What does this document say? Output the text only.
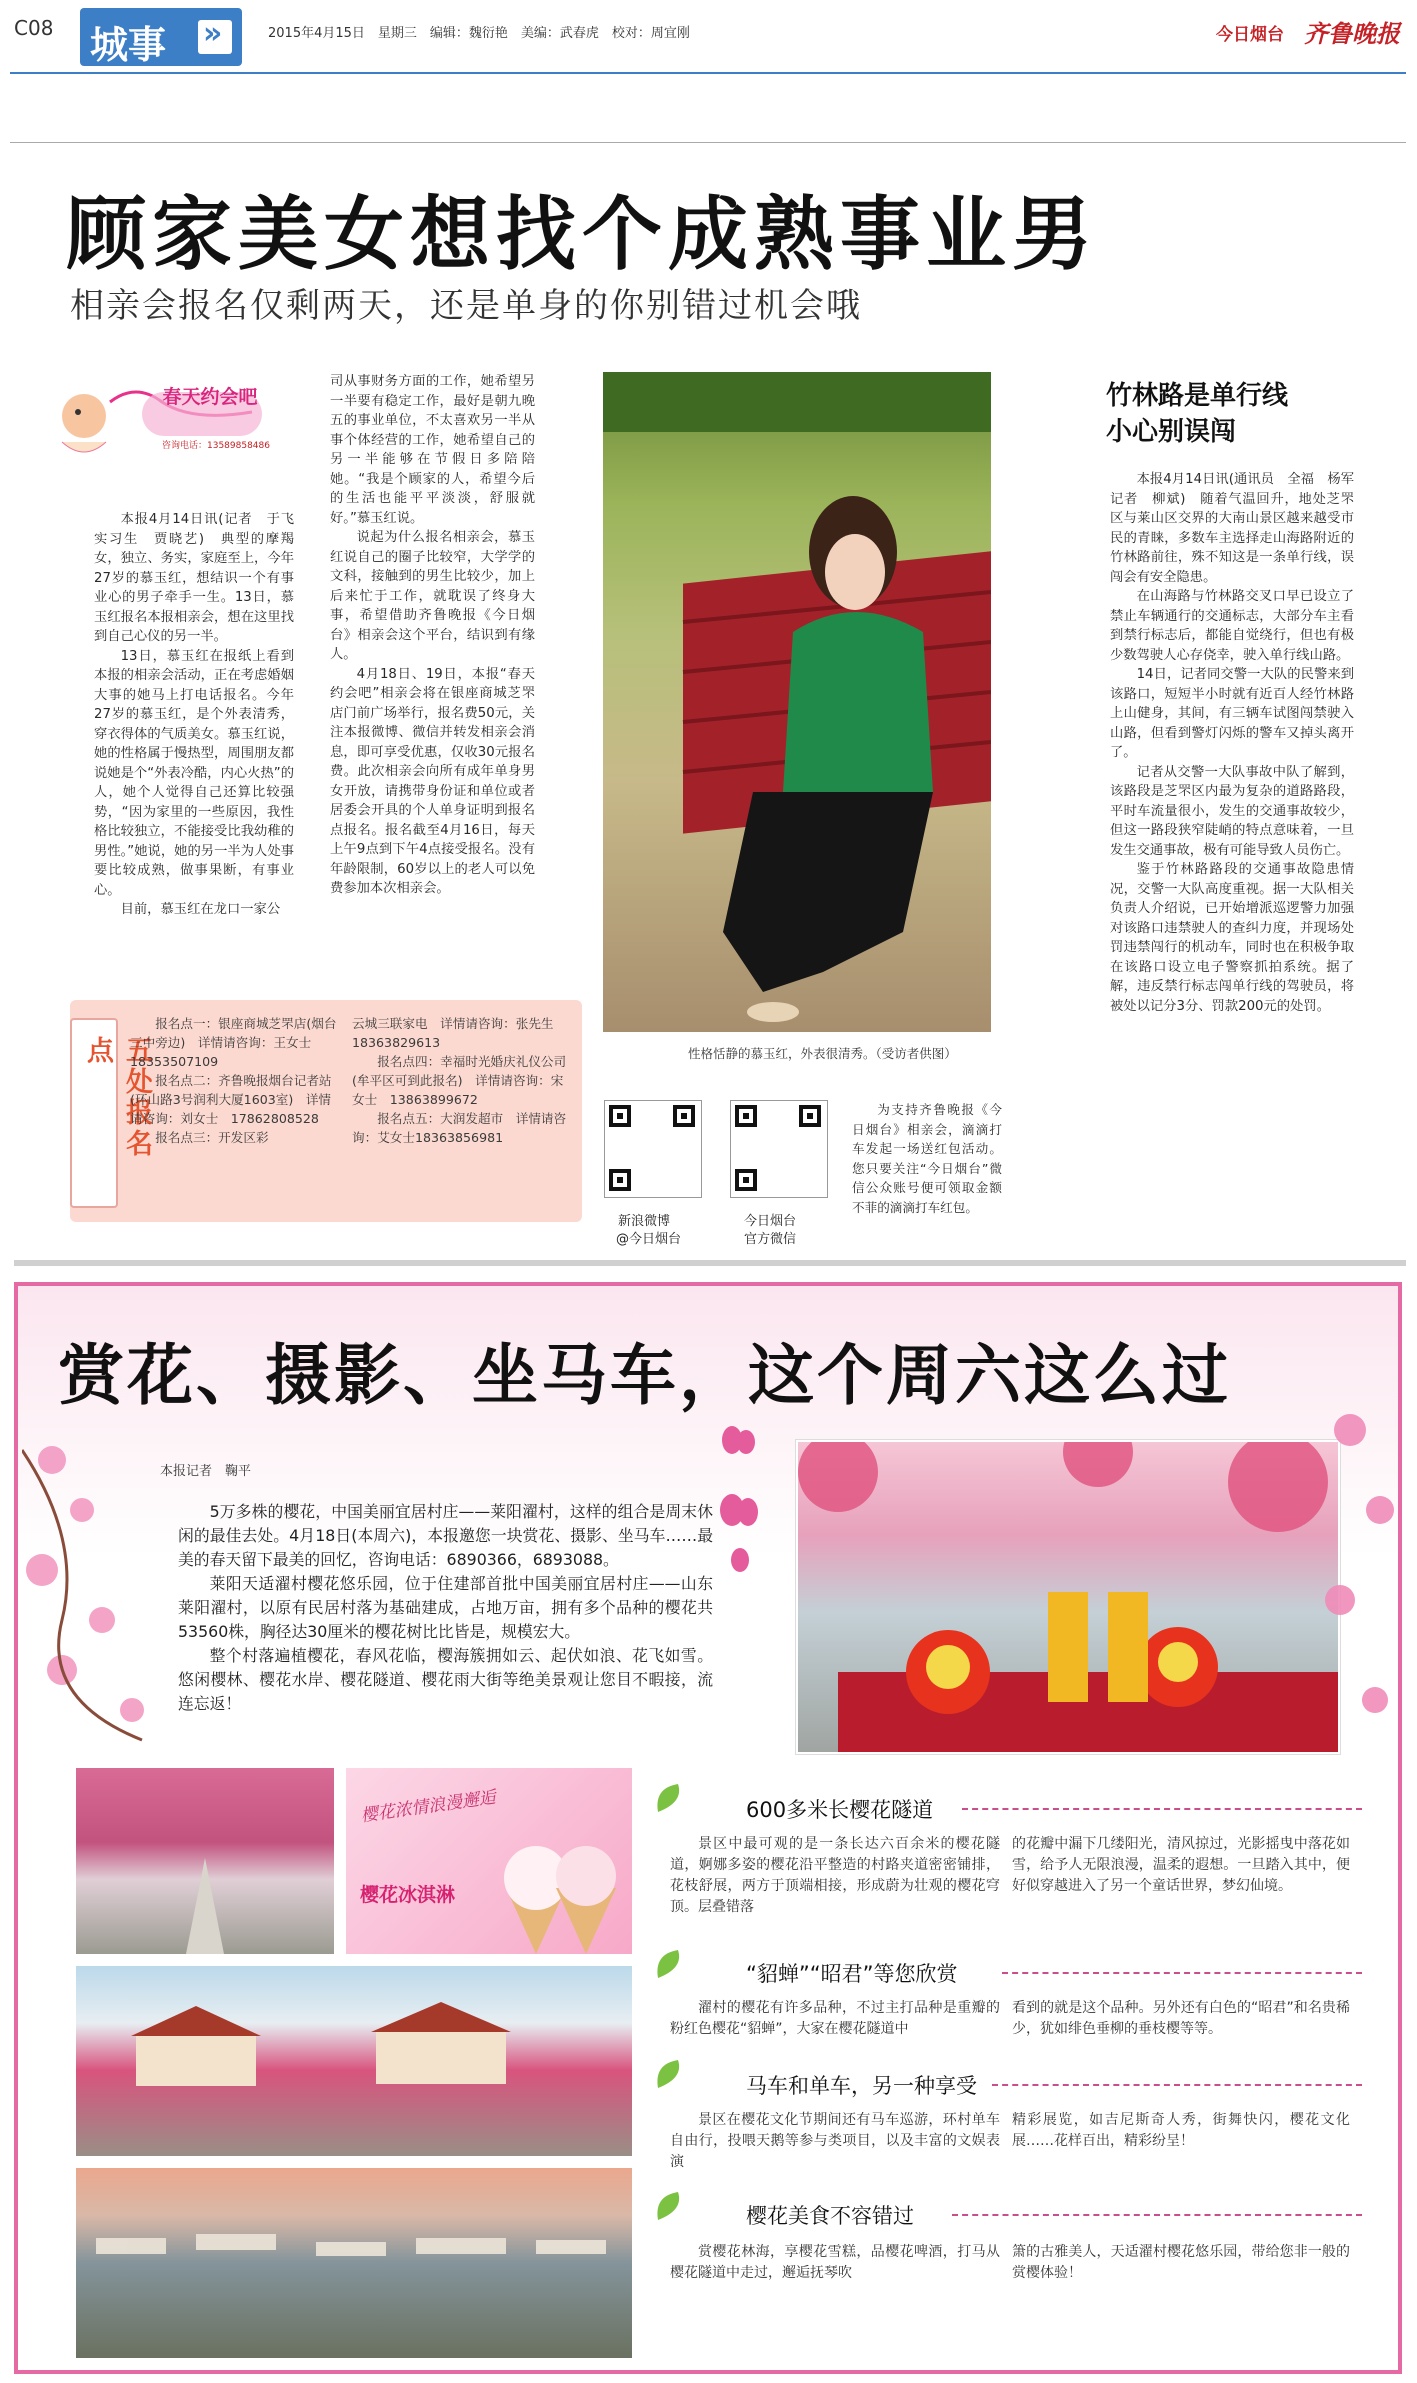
C08 城事 »	2015年4月15日　星期三　编辑：魏衍艳　美编：武春虎　校对：周宜刚	今日烟台 齐鲁晚报
顾家美女想找个成熟事业男
相亲会报名仅剩两天，还是单身的你别错过机会哦
春天约会吧
咨询电话：13589858486

本报4月14日讯(记者　于飞　实习生　贾晓艺)　典型的摩羯女，独立、务实，家庭至上，今年27岁的慕玉红，想结识一个有事业心的男子牵手一生。13日，慕玉红报名本报相亲会，想在这里找到自己心仪的另一半。

13日，慕玉红在报纸上看到本报的相亲会活动，正在考虑婚姻大事的她马上打电话报名。今年27岁的慕玉红，是个外表清秀，穿衣得体的气质美女。慕玉红说，她的性格属于慢热型，周围朋友都说她是个“外表冷酷，内心火热”的人，她个人觉得自己还算比较强势，“因为家里的一些原因，我性格比较独立，不能接受比我幼稚的男性。”她说，她的另一半为人处事要比较成熟，做事果断，有事业心。

目前，慕玉红在龙口一家公

司从事财务方面的工作，她希望另一半要有稳定工作，最好是朝九晚五的事业单位，不太喜欢另一半从事个体经营的工作，她希望自己的另一半能够在节假日多陪陪她。“我是个顾家的人，希望今后的生活也能平平淡淡，舒服就好。”慕玉红说。

说起为什么报名相亲会，慕玉红说自己的圈子比较窄，大学学的文科，接触到的男生比较少，加上后来忙于工作，就耽误了终身大事，希望借助齐鲁晚报《今日烟台》相亲会这个平台，结识到有缘人。

4月18日、19日，本报“春天约会吧”相亲会将在银座商城芝罘店门前广场举行，报名费50元，关注本报微博、微信并转发相亲会消息，即可享受优惠，仅收30元报名费。此次相亲会向所有成年单身男女开放，请携带身份证和单位或者居委会开具的个人单身证明到报名点报名。报名截至4月16日，每天上午9点到下午4点接受报名。没有年龄限制，60岁以上的老人可以免费参加本次相亲会。

性格恬静的慕玉红，外表很清秀。（受访者供图）
五处报名点
报名点一：银座商城芝罘店(烟台三中旁边)　详情请咨询：王女士18353507109
报名点二：齐鲁晚报烟台记者站(环山路3号润利大厦1603室)　详情请咨询：刘女士　17862808528
报名点三：开发区彩
云城三联家电　详情请咨询：张先生　18363829613
报名点四：幸福时光婚庆礼仪公司(牟平区可到此报名)　详情请咨询：宋女士　13863899672
报名点五：大润发超市　详情请咨询：艾女士18363856981
新浪微博
@今日烟台
今日烟台
官方微信
为支持齐鲁晚报《今日烟台》相亲会，滴滴打车发起一场送红包活动。您只要关注“今日烟台”微信公众账号便可领取金额不菲的滴滴打车红包。
竹林路是单行线
小心别误闯

本报4月14日讯(通讯员　全福　杨军　记者　柳斌)　随着气温回升，地处芝罘区与莱山区交界的大南山景区越来越受市民的青睐，多数车主选择走山海路附近的竹林路前往，殊不知这是一条单行线，误闯会有安全隐患。

在山海路与竹林路交叉口早已设立了禁止车辆通行的交通标志，大部分车主看到禁行标志后，都能自觉绕行，但也有极少数驾驶人心存侥幸，驶入单行线山路。

14日，记者同交警一大队的民警来到该路口，短短半小时就有近百人经竹林路上山健身，其间，有三辆车试图闯禁驶入山路，但看到警灯闪烁的警车又掉头离开了。

记者从交警一大队事故中队了解到，该路段是芝罘区内最为复杂的道路路段，平时车流量很小，发生的交通事故较少，但这一路段狭窄陡峭的特点意味着，一旦发生交通事故，极有可能导致人员伤亡。

鉴于竹林路路段的交通事故隐患情况，交警一大队高度重视。据一大队相关负责人介绍说，已开始增派巡逻警力加强对该路口违禁驶人的查纠力度，并现场处罚违禁闯行的机动车，同时也在积极争取在该路口设立电子警察抓拍系统。据了解，违反禁行标志闯单行线的驾驶员，将被处以记分3分、罚款200元的处罚。

赏花、摄影、坐马车，这个周六这么过
本报记者　鞠平

5万多株的樱花，中国美丽宜居村庄——莱阳濯村，这样的组合是周末休闲的最佳去处。4月18日(本周六)，本报邀您一块赏花、摄影、坐马车……最美的春天留下最美的回忆，咨询电话：6890366，6893088。

莱阳天适濯村樱花悠乐园，位于住建部首批中国美丽宜居村庄——山东莱阳濯村，以原有民居村落为基础建成，占地万亩，拥有多个品种的樱花共53560株，胸径达30厘米的樱花树比比皆是，规模宏大。

整个村落遍植樱花，春风花临，樱海簇拥如云、起伏如浪、花飞如雪。悠闲樱林、樱花水岸、樱花隧道、樱花雨大街等绝美景观让您目不暇接，流连忘返！

樱花浓情浪漫邂逅
樱花冰淇淋
600多米长樱花隧道
景区中最可观的是一条长达六百余米的樱花隧道，婀娜多姿的樱花沿平整造的村路夹道密密铺排，花枝舒展，两方于顶端相接，形成蔚为壮观的樱花穹顶。层叠错落
的花瓣中漏下几缕阳光，清风掠过，光影摇曳中落花如雪，给予人无限浪漫，温柔的遐想。一旦踏入其中，便好似穿越进入了另一个童话世界，梦幻仙境。
“貂蝉”“昭君”等您欣赏
濯村的樱花有许多品种，不过主打品种是重瓣的粉红色樱花“貂蝉”，大家在樱花隧道中
看到的就是这个品种。另外还有白色的“昭君”和名贵稀少，犹如绯色垂柳的垂枝樱等等。
马车和单车，另一种享受
景区在樱花文化节期间还有马车巡游，环村单车自由行，投喂天鹅等参与类项目，以及丰富的文娱表演
精彩展览，如吉尼斯奇人秀，街舞快闪，樱花文化展……花样百出，精彩纷呈！
樱花美食不容错过
赏樱花林海，享樱花雪糕，品樱花啤酒，打马从樱花隧道中走过，邂逅抚琴吹
箫的古雅美人，天适濯村樱花悠乐园，带给您非一般的赏樱体验！
